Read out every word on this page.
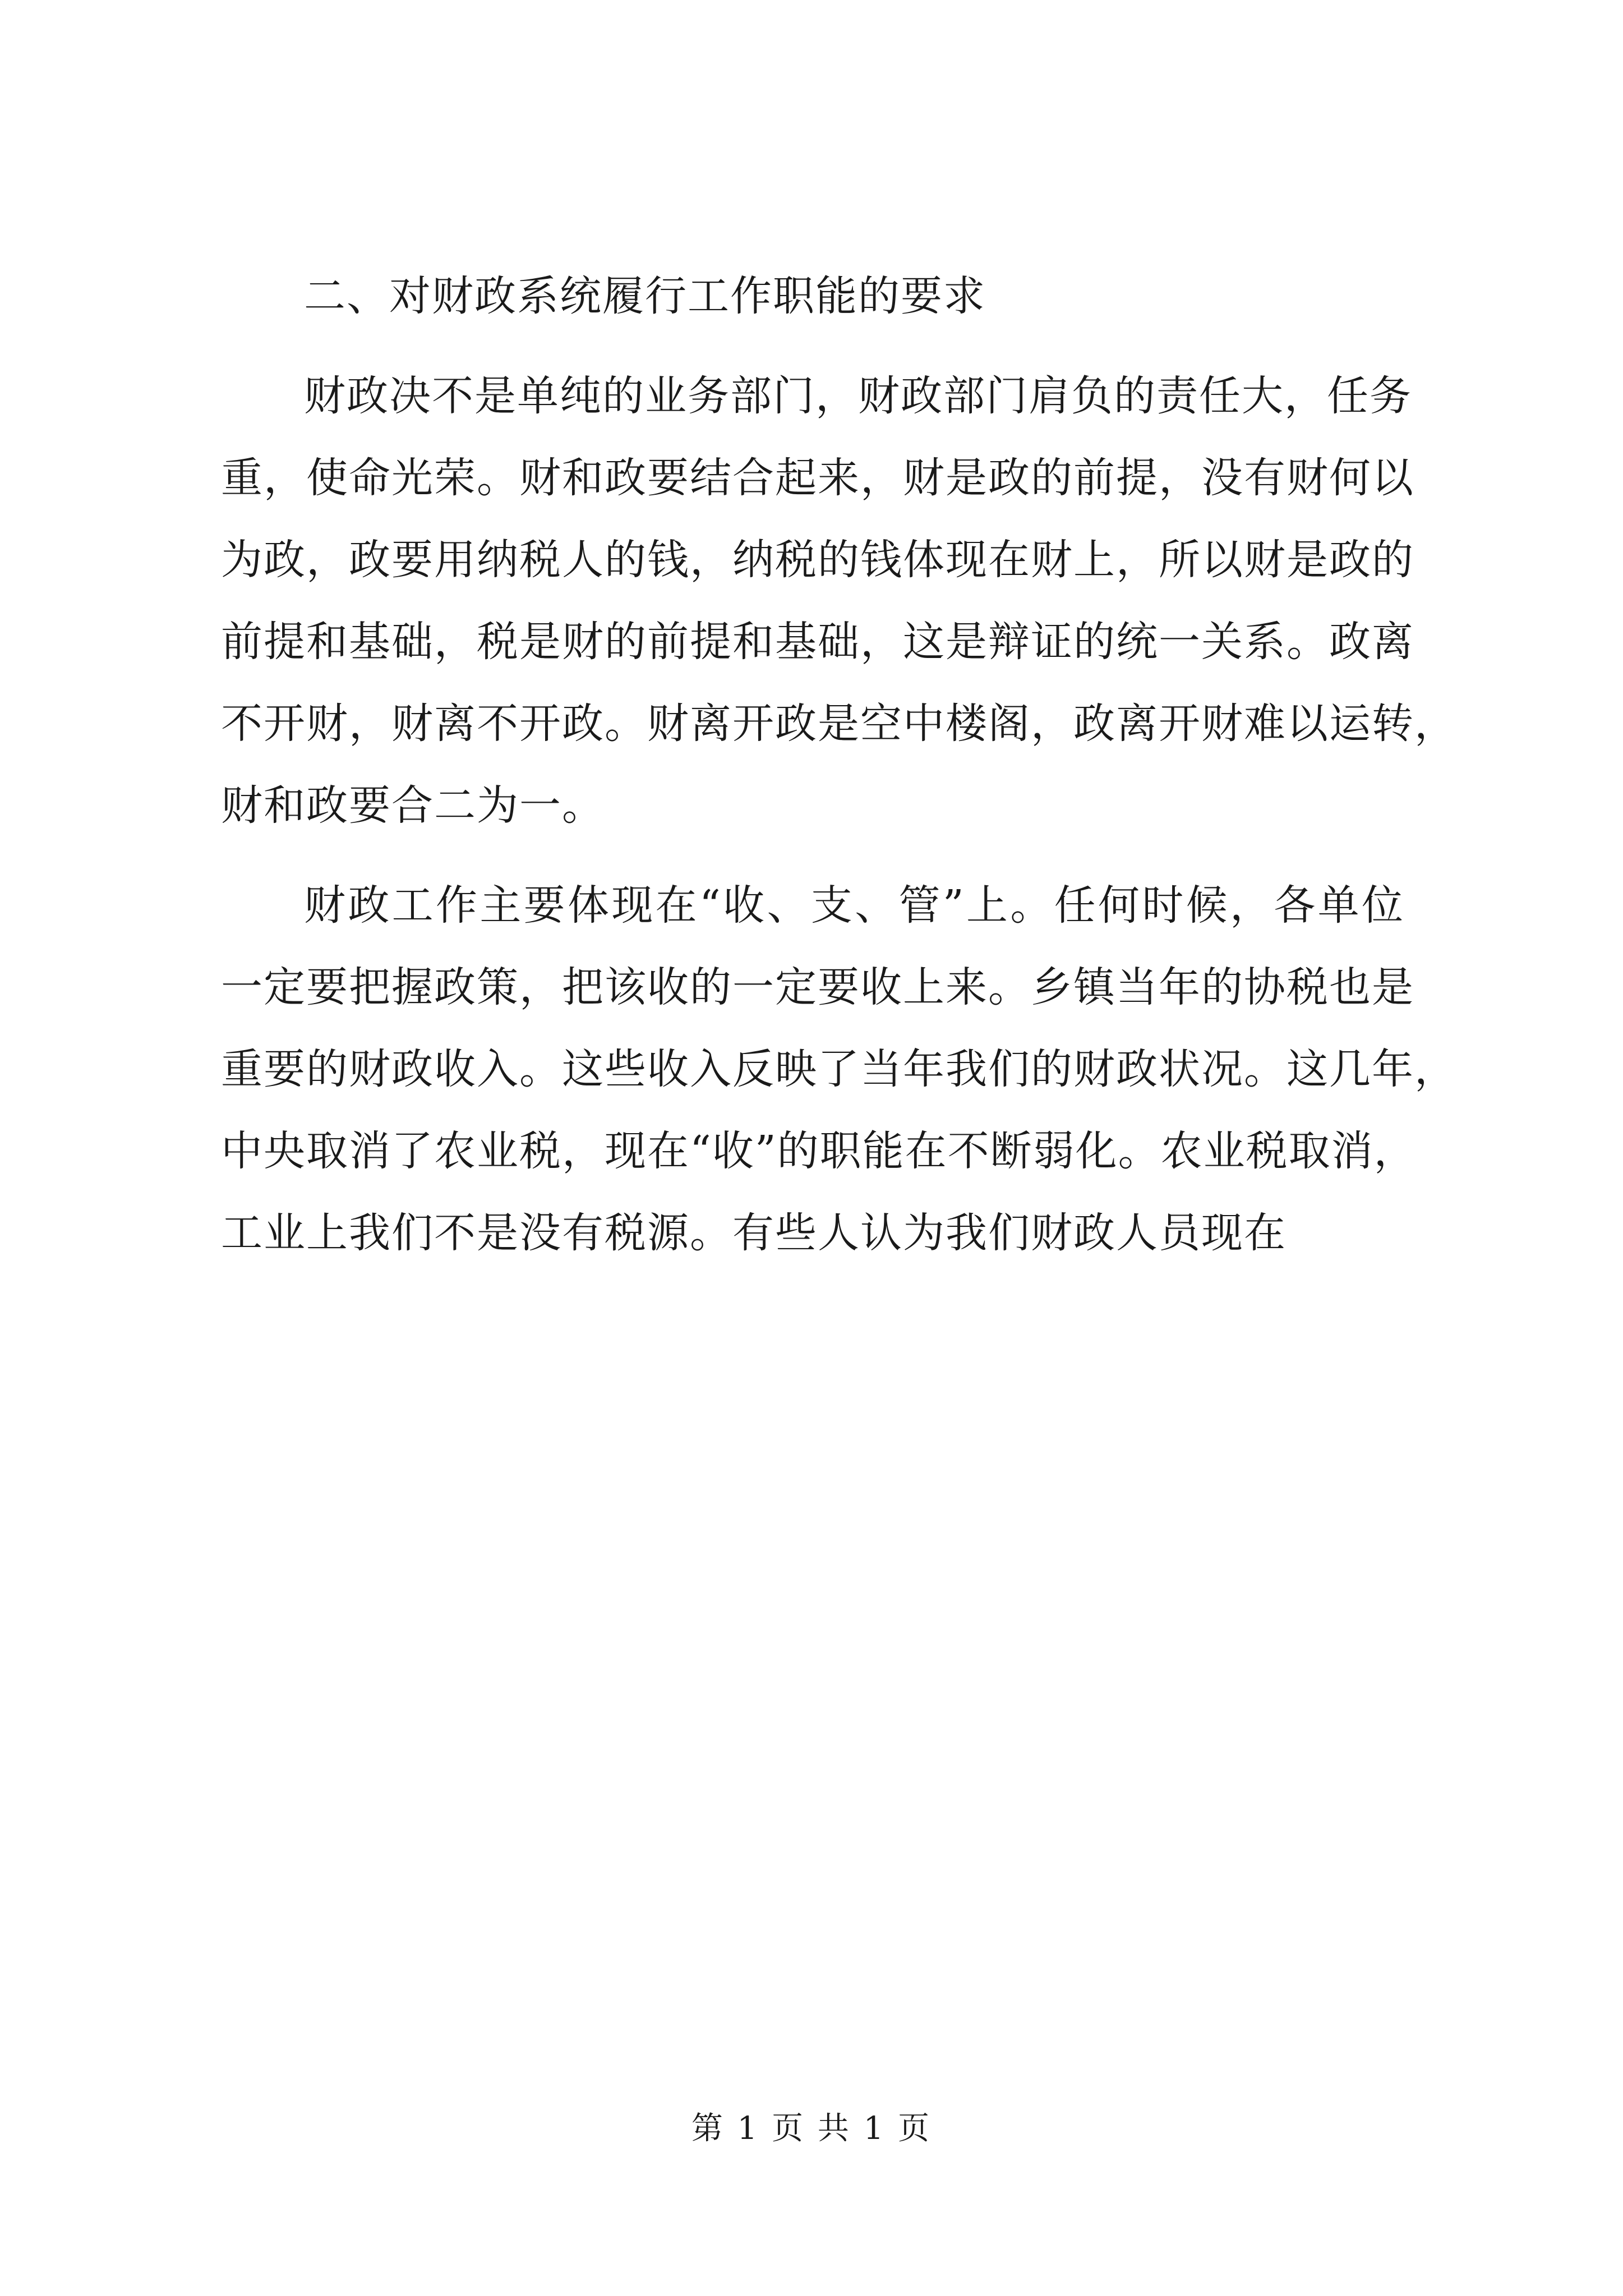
二、对财政系统履行工作职能的要求
财政决不是单纯的业务部门，财政部门肩负的责任大，任务
重，使命光荣。财和政要结合起来，财是政的前提，没有财何以
为政，政要用纳税人的钱，纳税的钱体现在财上，所以财是政的
前提和基础，税是财的前提和基础，这是辩证的统一关系。政离
不开财，财离不开政。财离开政是空中楼阁，政离开财难以运转，
财和政要合二为一。
财政工作主要体现在“收、支、管”上。任何时候，各单位
一定要把握政策，把该收的一定要收上来。乡镇当年的协税也是
重要的财政收入。这些收入反映了当年我们的财政状况。这几年，
中央取消了农业税，现在“收”的职能在不断弱化。农业税取消，
工业上我们不是没有税源。有些人认为我们财政人员现在
第 1 页 共 1 页
